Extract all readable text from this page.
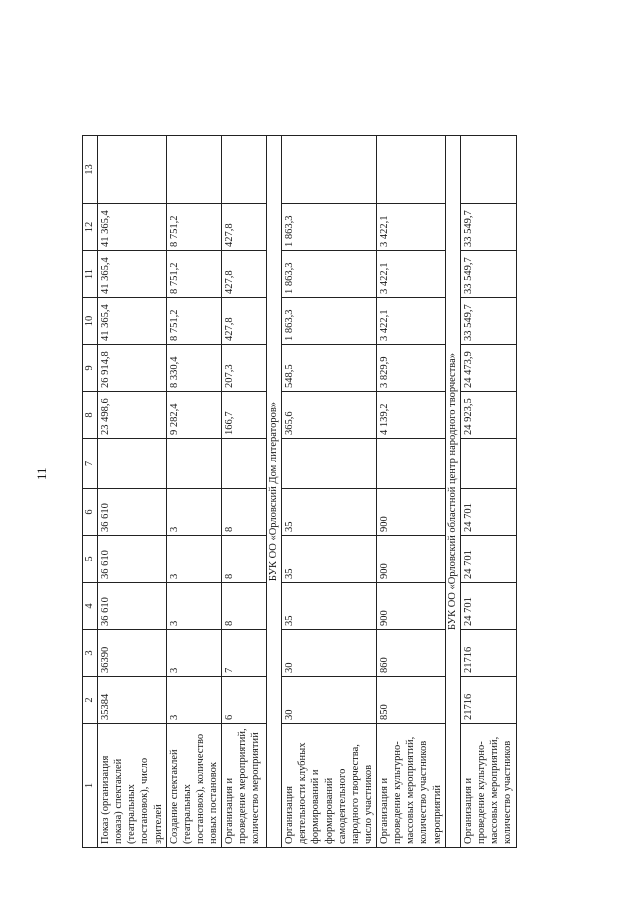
11
1	2	3	4	5	6	7	8	9	10	11	12	13
Показ (организация показа) спектаклей (театральных постановок), число зрителей	35384	36390	36 610	36 610	36 610		23 498,6	26 914,8	41 365,4	41 365,4	41 365,4	
Создание спектаклей (театральных постановок), количество новых постановок	3	3	3	3	3		9 282,4	8 330,4	8 751,2	8 751,2	8 751,2	
Организация и проведение мероприятий, количество мероприятий	6	7	8	8	8		166,7	207,3	427,8	427,8	427,8	
БУК ОО «Орловский Дом литераторов»												
Организация деятельности клубных формирований и формирований самодеятельного народного творчества, число участников	30	30	35	35	35		365,6	548,5	1 863,3	1 863,3	1 863,3	
Организация и проведение культурно-массовых мероприятий, количество участников мероприятий	850	860	900	900	900		4 139,2	3 829,9	3 422,1	3 422,1	3 422,1	
БУК ОО «Орловский областной центр народного творчества»												
Организация и проведение культурно-массовых мероприятий, количество участников	21716	21716	24 701	24 701	24 701		24 923,5	24 473,9	33 549,7	33 549,7	33 549,7	
